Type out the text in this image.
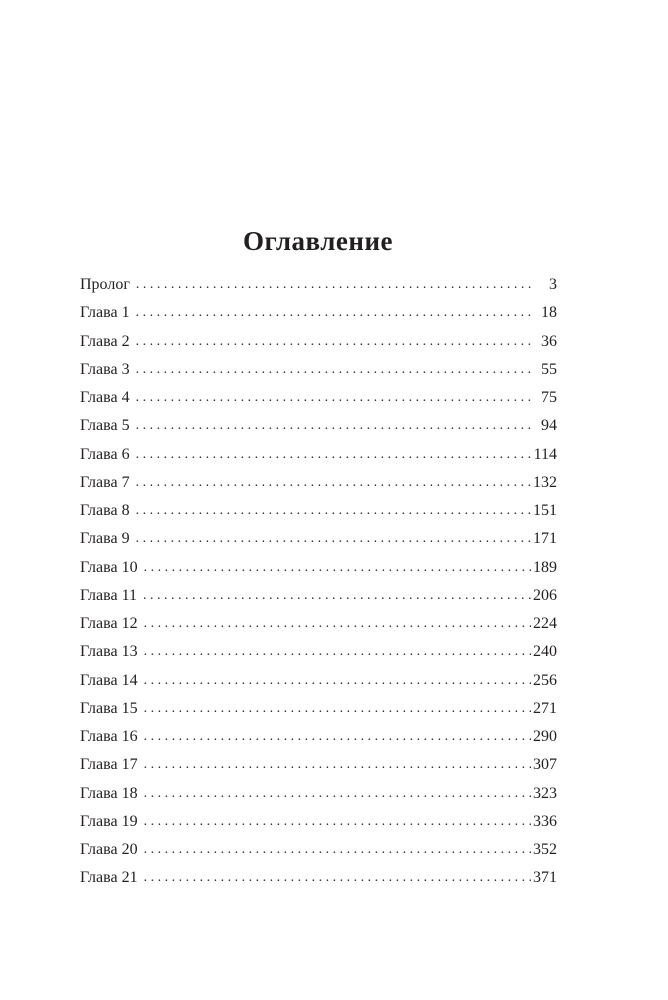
Оглавление
Пролог . . .	3
Глава 1 . . .	18
Глава 2 . . .	36
Глава 3 . . .	55
Глава 4 . . .	75
Глава 5 . . .	94
Глава 6 . . .	114
Глава 7 . . .	132
Глава 8 . . .	151
Глава 9 . . .	171
Глава 10 . . .	189
Глава 11 . . .	206
Глава 12 . . .	224
Глава 13 . . .	240
Глава 14 . . .	256
Глава 15 . . .	271
Глава 16 . . .	290
Глава 17 . . .	307
Глава 18 . . .	323
Глава 19 . . .	336
Глава 20 . . .	352
Глава 21 . . .	371
